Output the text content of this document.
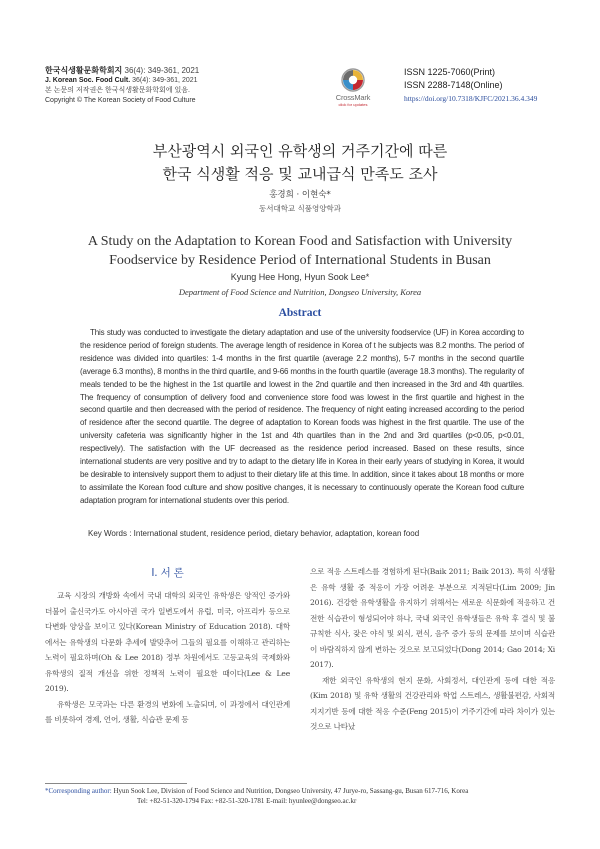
한국식생활문화학회지 36(4): 349-361, 2021
J. Korean Soc. Food Cult. 36(4): 349-361, 2021
본 논문의 저작권은 한국식생활문화학회에 있음.
Copyright © The Korean Society of Food Culture	CrossMark
click for updates
ISSN 1225-7060(Print)
ISSN 2288-7148(Online)
https://doi.org/10.7318/KJFC/2021.36.4.349
부산광역시 외국인 유학생의 거주기간에 따른
한국 식생활 적응 및 교내급식 만족도 조사
홍경희 · 이현숙*
동서대학교 식품영양학과
A Study on the Adaptation to Korean Food and Satisfaction with University
Foodservice by Residence Period of International Students in Busan
Kyung Hee Hong, Hyun Sook Lee*
Department of Food Science and Nutrition, Dongseo University, Korea
Abstract
This study was conducted to investigate the dietary adaptation and use of the university foodservice (UF) in Korea according to the residence period of foreign students. The average length of residence in Korea of t he subjects was 8.2 months. The period of residence was divided into quartiles: 1-4 months in the first quartile (average 2.2 months), 5-7 months in the second quartile (average 6.3 months), 8 months in the third quartile, and 9-66 months in the fourth quartile (average 18.3 months). The regularity of meals tended to be the highest in the 1st quartile and lowest in the 2nd quartile and then increased in the 3rd and 4th quartiles. The frequency of consumption of delivery food and convenience store food was lowest in the first quartile and highest in the second quartile and then decreased with the period of residence. The frequency of night eating increased according to the period of residence after the second quartile. The degree of adaptation to Korean foods was highest in the first quartile. The use of the university cafeteria was significantly higher in the 1st and 4th quartiles than in the 2nd and 3rd quartiles (p<0.05, p<0.01, respectively). The satisfaction with the UF decreased as the residence period increased. Based on these results, since international students are very positive and try to adapt to the dietary life in Korea in their early years of studying in Korea, it would be desirable to intensively support them to adjust to their dietary life at this time. In addition, since it takes about 18 months or more to assimilate the Korean food culture and show positive changes, it is necessary to continuously operate the Korean food culture adaptation program for international students over this period.
Key Words : International student, residence period, dietary behavior, adaptation, korean food
Ⅰ. 서 론
교육 시장의 개방화 속에서 국내 대학의 외국인 유학생은 양적인 증가와 더불어 출신국가도 아시아권 국가 일변도에서 유럽, 미국, 아프리카 등으로 다변화 양상을 보이고 있다(Korean Ministry of Education 2018). 대학에서는 유학생의 다문화 추세에 발맞추어 그들의 필요를 이해하고 관리하는 노력이 필요하며(Oh & Lee 2018) 정부 차원에서도 고등교육의 국제화와 유학생의 질적 개선을 위한 정책적 노력이 필요한 때이다(Lee & Lee 2019).
유학생은 모국과는 다른 환경의 변화에 노출되며, 이 과정에서 대인관계를 비롯하여 경제, 언어, 생활, 식습관 문제 등
으로 적응 스트레스를 경험하게 된다(Baik 2011; Baik 2013). 특히 식생활은 유학 생활 중 적응이 가장 어려운 부분으로 지적된다(Lim 2009; Jin 2016). 건강한 유학생활을 유지하기 위해서는 새로운 식문화에 적응하고 건전한 식습관이 형성되어야 하나, 국내 외국인 유학생들은 유학 후 결식 및 불규칙한 식사, 잦은 야식 및 외식, 편식, 음주 증가 등의 문제를 보이며 식습관이 바람직하지 않게 변하는 것으로 보고되었다(Dong 2014; Gao 2014; Xi 2017).
재한 외국인 유학생의 현지 문화, 사회정서, 대인관계 등에 대한 적응(Kim 2018) 및 유학 생활의 건강관리와 학업 스트레스, 생활불편감, 사회적 지지기반 등에 대한 적응 수준(Feng 2015)이 거주기간에 따라 차이가 있는 것으로 나타났
*Corresponding author: Hyun Sook Lee, Division of Food Science and Nutrition, Dongseo University, 47 Jurye-ro, Sassang-gu, Busan 617-716, Korea
Tel: +82-51-320-1794 Fax: +82-51-320-1781 E-mail: hyunlee@dongseo.ac.kr
